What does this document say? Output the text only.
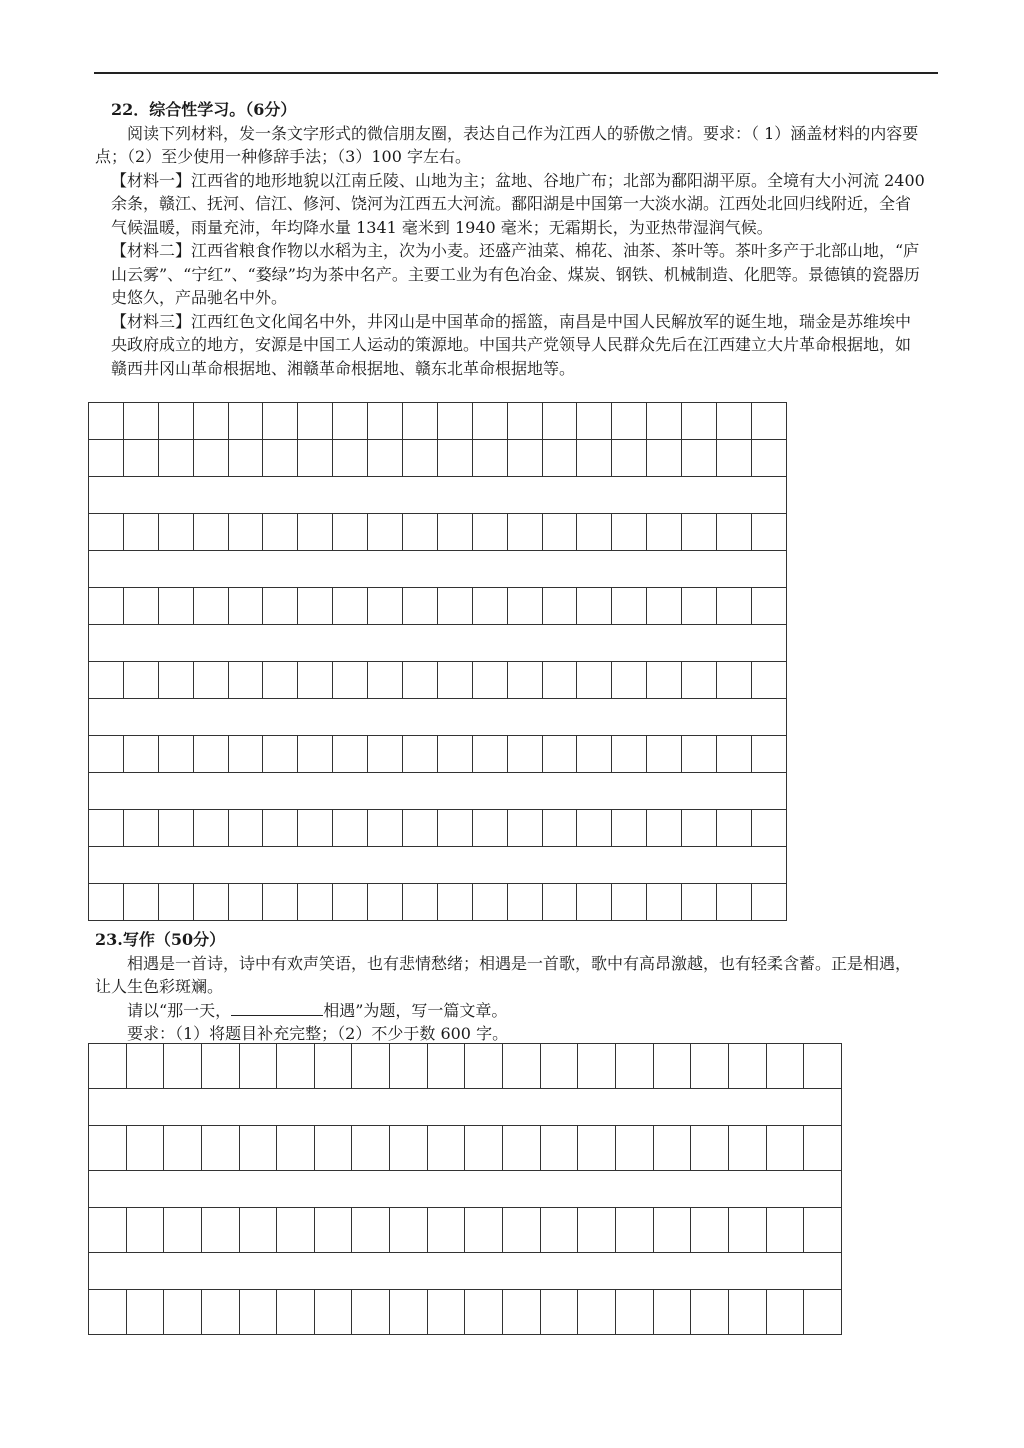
22．综合性学习。（6分）

阅读下列材料，发一条文字形式的微信朋友圈，表达自己作为江西人的骄傲之情。要求：（ 1）涵盖材料的内容要点；（2）至少使用一种修辞手法；（3）100 字左右。

【材料一】江西省的地形地貌以江南丘陵、山地为主；盆地、谷地广布；北部为鄱阳湖平原。全境有大小河流 2400 余条，赣江、抚河、信江、修河、饶河为江西五大河流。鄱阳湖是中国第一大淡水湖。江西处北回归线附近，全省气候温暖，雨量充沛，年均降水量 1341 毫米到 1940 毫米；无霜期长，为亚热带湿润气候。

【材料二】江西省粮食作物以水稻为主，次为小麦。还盛产油菜、棉花、油茶、茶叶等。茶叶多产于北部山地，“庐山云雾”、“宁红”、“婺绿”均为茶中名产。主要工业为有色冶金、煤炭、钢铁、机械制造、化肥等。景德镇的瓷器历史悠久，产品驰名中外。

【材料三】江西红色文化闻名中外，井冈山是中国革命的摇篮，南昌是中国人民解放军的诞生地，瑞金是苏维埃中央政府成立的地方，安源是中国工人运动的策源地。中国共产党领导人民群众先后在江西建立大片革命根据地，如赣西井冈山革命根据地、湘赣革命根据地、赣东北革命根据地等。

23.写作（50分）

相遇是一首诗，诗中有欢声笑语，也有悲情愁绪；相遇是一首歌，歌中有高昂激越，也有轻柔含蓄。正是相遇，让人生色彩斑斓。

请以“那一天，	相遇”为题，写一篇文章。

要求：（1）将题目补充完整；（2）不少于数 600 字。
